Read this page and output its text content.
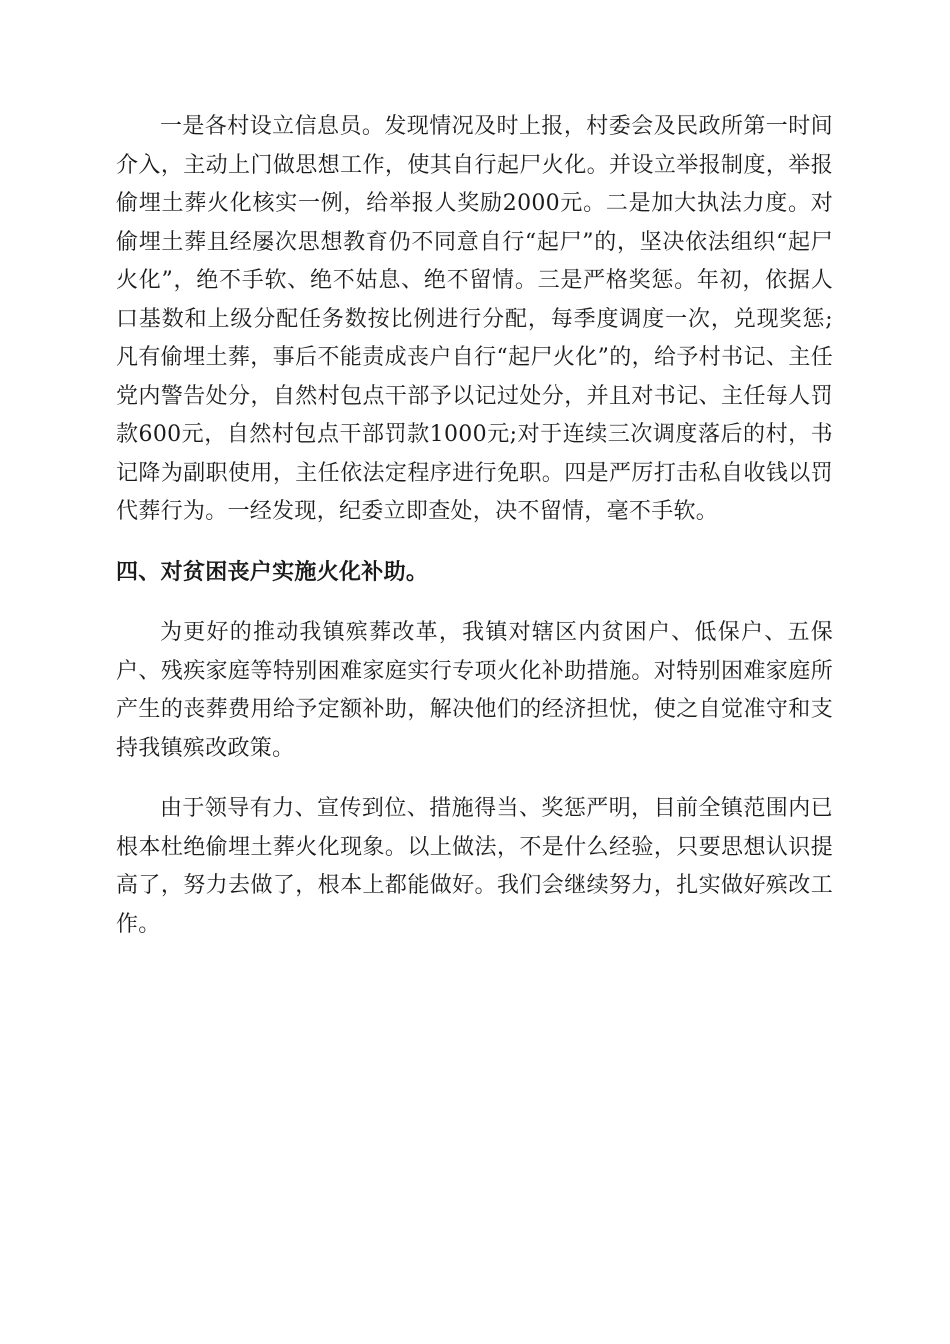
一是各村设立信息员。发现情况及时上报，村委会及民政所第一时间介入，主动上门做思想工作，使其自行起尸火化。并设立举报制度，举报偷埋土葬火化核实一例，给举报人奖励2000元。二是加大执法力度。对偷埋土葬且经屡次思想教育仍不同意自行“起尸”的，坚决依法组织“起尸火化”，绝不手软、绝不姑息、绝不留情。三是严格奖惩。年初，依据人口基数和上级分配任务数按比例进行分配，每季度调度一次，兑现奖惩;凡有偷埋土葬，事后不能责成丧户自行“起尸火化”的，给予村书记、主任党内警告处分，自然村包点干部予以记过处分，并且对书记、主任每人罚款600元，自然村包点干部罚款1000元;对于连续三次调度落后的村，书记降为副职使用，主任依法定程序进行免职。四是严厉打击私自收钱以罚代葬行为。一经发现，纪委立即查处，决不留情，毫不手软。

四、对贫困丧户实施火化补助。

为更好的推动我镇殡葬改革，我镇对辖区内贫困户、低保户、五保户、残疾家庭等特别困难家庭实行专项火化补助措施。对特别困难家庭所产生的丧葬费用给予定额补助，解决他们的经济担忧，使之自觉准守和支持我镇殡改政策。

由于领导有力、宣传到位、措施得当、奖惩严明，目前全镇范围内已根本杜绝偷埋土葬火化现象。以上做法，不是什么经验，只要思想认识提高了，努力去做了，根本上都能做好。我们会继续努力，扎实做好殡改工作。
